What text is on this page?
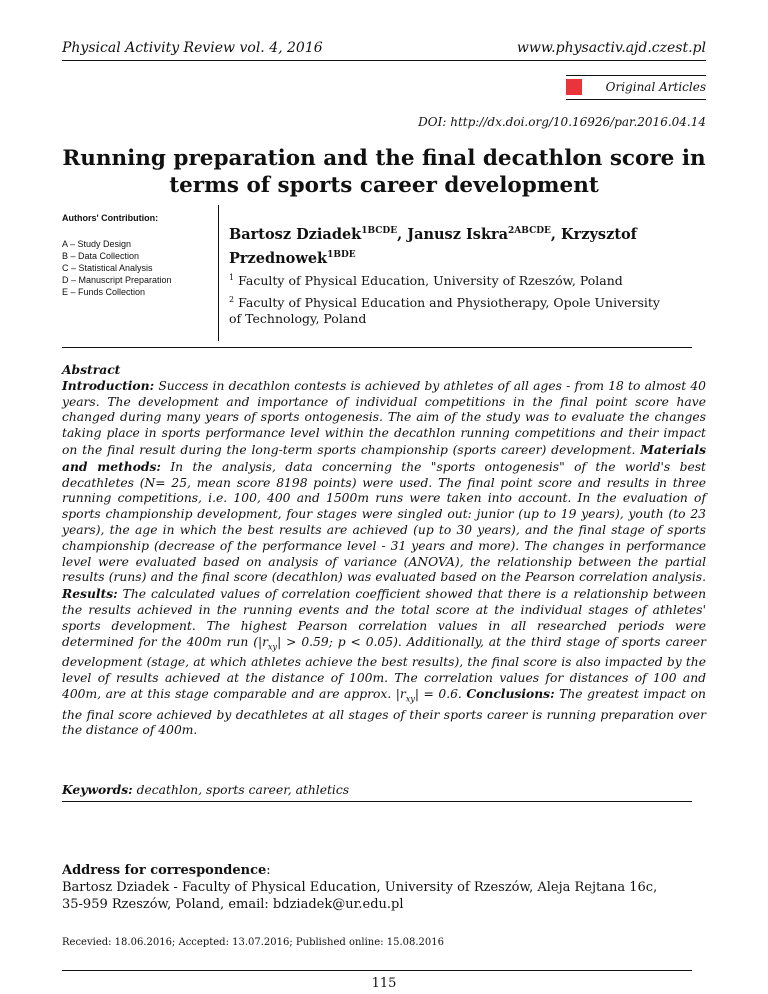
Physical Activity Review vol. 4, 2016	www.physactiv.ajd.czest.pl
Original Articles
DOI: http://dx.doi.org/10.16926/par.2016.04.14
Running preparation and the final decathlon score in terms of sports career development
Authors' Contribution:
A – Study Design
B – Data Collection
C – Statistical Analysis
D – Manuscript Preparation
E – Funds Collection
Bartosz Dziadek$^{1BCDE}$, Janusz Iskra$^{2ABCDE}$, Krzysztof Przednowek$^{1BDE}$
$^1$ Faculty of Physical Education, University of Rzeszów, Poland
$^2$ Faculty of Physical Education and Physiotherapy, Opole University of Technology, Poland
Abstract
Introduction: Success in decathlon contests is achieved by athletes of all ages - from 18 to almost 40 years. The development and importance of individual competitions in the final point score have changed during many years of sports ontogenesis. The aim of the study was to evaluate the changes taking place in sports performance level within the decathlon running competitions and their impact on the final result during the long-term sports championship (sports career) development. Materials and methods: In the analysis, data concerning the "sports ontogenesis" of the world's best decathletes (N= 25, mean score 8198 points) were used. The final point score and results in three running competitions, i.e. 100, 400 and 1500m runs were taken into account. In the evaluation of sports championship development, four stages were singled out: junior (up to 19 years), youth (to 23 years), the age in which the best results are achieved (up to 30 years), and the final stage of sports championship (decrease of the performance level - 31 years and more). The changes in performance level were evaluated based on analysis of variance (ANOVA), the relationship between the partial results (runs) and the final score (decathlon) was evaluated based on the Pearson correlation analysis. Results: The calculated values of correlation coefficient showed that there is a relationship between the results achieved in the running events and the total score at the individual stages of athletes' sports development. The highest Pearson correlation values in all researched periods were determined for the 400m run ($|r_{xy}| > 0.59$; p < 0.05). Additionally, at the third stage of sports career development (stage, at which athletes achieve the best results), the final score is also impacted by the level of results achieved at the distance of 100m. The correlation values for distances of 100 and 400m, are at this stage comparable and are approx. $|r_{xy}| = 0.6$. Conclusions: The greatest impact on the final score achieved by decathletes at all stages of their sports career is running preparation over the distance of 400m.
Keywords: decathlon, sports career, athletics
Address for correspondence:
Bartosz Dziadek - Faculty of Physical Education, University of Rzeszów, Aleja Rejtana 16c,
35-959 Rzeszów, Poland, email: bdziadek@ur.edu.pl
Recevied: 18.06.2016; Accepted: 13.07.2016; Published online: 15.08.2016
115
